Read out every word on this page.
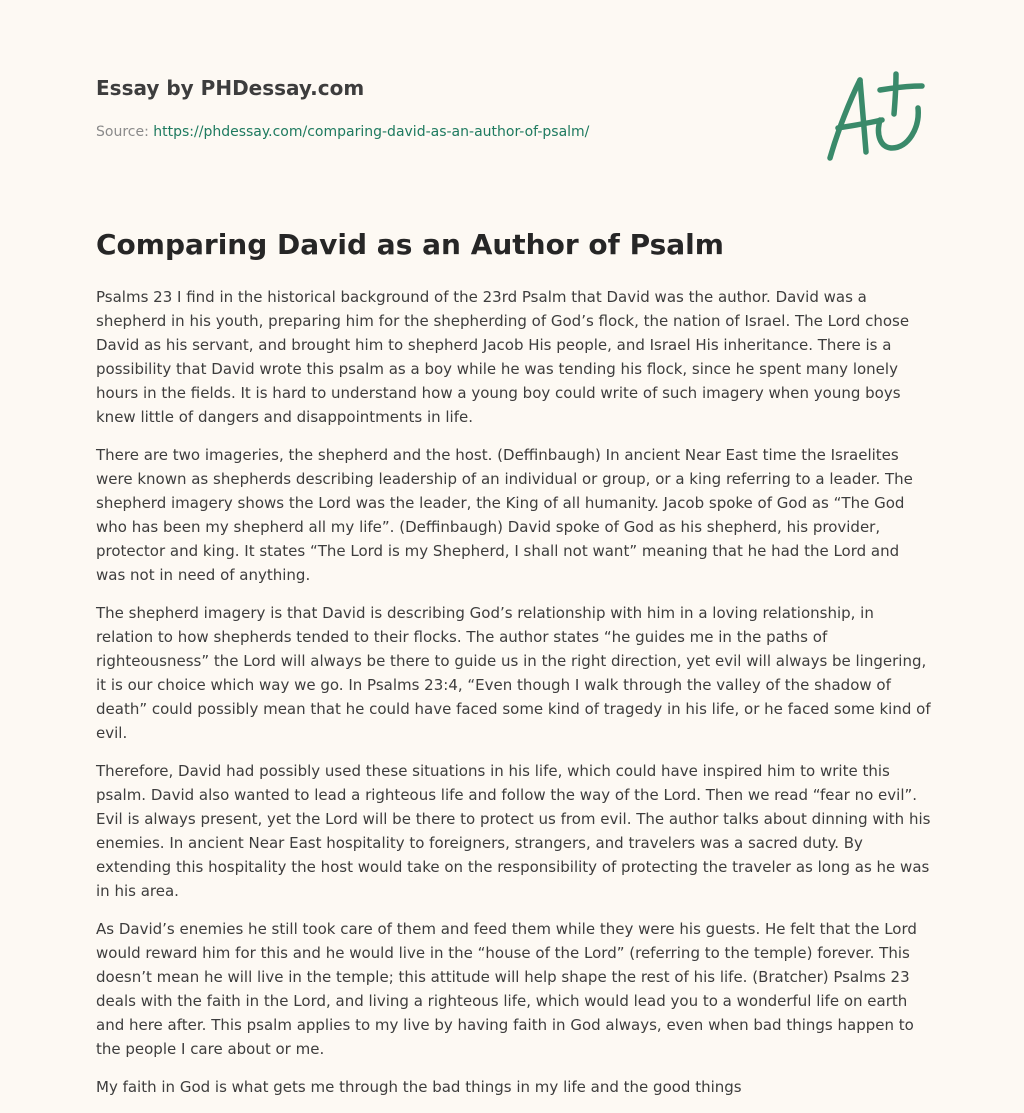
Essay by PHDessay.com
Source: https://phdessay.com/comparing-david-as-an-author-of-psalm/
Comparing David as an Author of Psalm

Psalms 23 I find in the historical background of the 23rd Psalm that David was the author. David was a shepherd in his youth, preparing him for the shepherding of God’s flock, the nation of Israel. The Lord chose David as his servant, and brought him to shepherd Jacob His people, and Israel His inheritance. There is a possibility that David wrote this psalm as a boy while he was tending his flock, since he spent many lonely hours in the fields. It is hard to understand how a young boy could write of such imagery when young boys knew little of dangers and disappointments in life.

There are two imageries, the shepherd and the host. (Deffinbaugh) In ancient Near East time the Israelites were known as shepherds describing leadership of an individual or group, or a king referring to a leader. The shepherd imagery shows the Lord was the leader, the King of all humanity. Jacob spoke of God as “The God who has been my shepherd all my life”. (Deffinbaugh) David spoke of God as his shepherd, his provider, protector and king. It states “The Lord is my Shepherd, I shall not want” meaning that he had the Lord and was not in need of anything.

The shepherd imagery is that David is describing God’s relationship with him in a loving relationship, in relation to how shepherds tended to their flocks. The author states “he guides me in the paths of righteousness” the Lord will always be there to guide us in the right direction, yet evil will always be lingering, it is our choice which way we go. In Psalms 23:4, “Even though I walk through the valley of the shadow of death” could possibly mean that he could have faced some kind of tragedy in his life, or he faced some kind of evil.

Therefore, David had possibly used these situations in his life, which could have inspired him to write this psalm. David also wanted to lead a righteous life and follow the way of the Lord. Then we read “fear no evil”. Evil is always present, yet the Lord will be there to protect us from evil. The author talks about dinning with his enemies. In ancient Near East hospitality to foreigners, strangers, and travelers was a sacred duty. By extending this hospitality the host would take on the responsibility of protecting the traveler as long as he was in his area.

As David’s enemies he still took care of them and feed them while they were his guests. He felt that the Lord would reward him for this and he would live in the “house of the Lord” (referring to the temple) forever. This doesn’t mean he will live in the temple; this attitude will help shape the rest of his life. (Bratcher) Psalms 23 deals with the faith in the Lord, and living a righteous life, which would lead you to a wonderful life on earth and here after. This psalm applies to my live by having faith in God always, even when bad things happen to the people I care about or me.

My faith in God is what gets me through the bad things in my life and the good things
